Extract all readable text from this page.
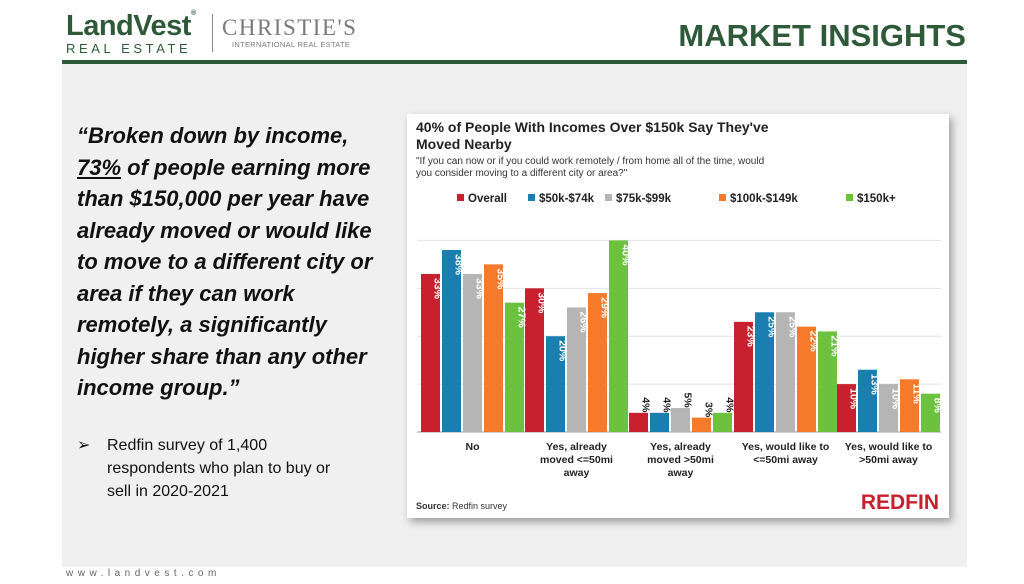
LandVest®
REAL ESTATE
CHRISTIE'S
INTERNATIONAL REAL ESTATE	MARKET INSIGHTS
“Broken down by income, 73% of people earning more than $150,000 per year have already moved or would like to move to a different city or area if they can work remotely, a significantly higher share than any other income group.”
➢ Redfin survey of 1,400 respondents who plan to buy or sell in 2020-2021
www.landvest.com
40% of People With Incomes Over $150k Say They've Moved Nearby
"If you can now or if you could work remotely / from home all of the time, would you consider moving to a different city or area?"
Overall	$50k-$74k $75k-$99k	$100k-$149k	$150k+
33%
38%
33% 35%
27%
30%
20%
26%
29%
40%
4% 4% 5%
3% 4%
23% 25% 25%
22% 21%
10%
13%
10% 11%
8%
No	Yes, already moved <=50mi away
Yes, already moved >50mi away
Yes, would like to <=50mi away
Yes, would like to >50mi away
Source: Redfin survey	REDFIN
